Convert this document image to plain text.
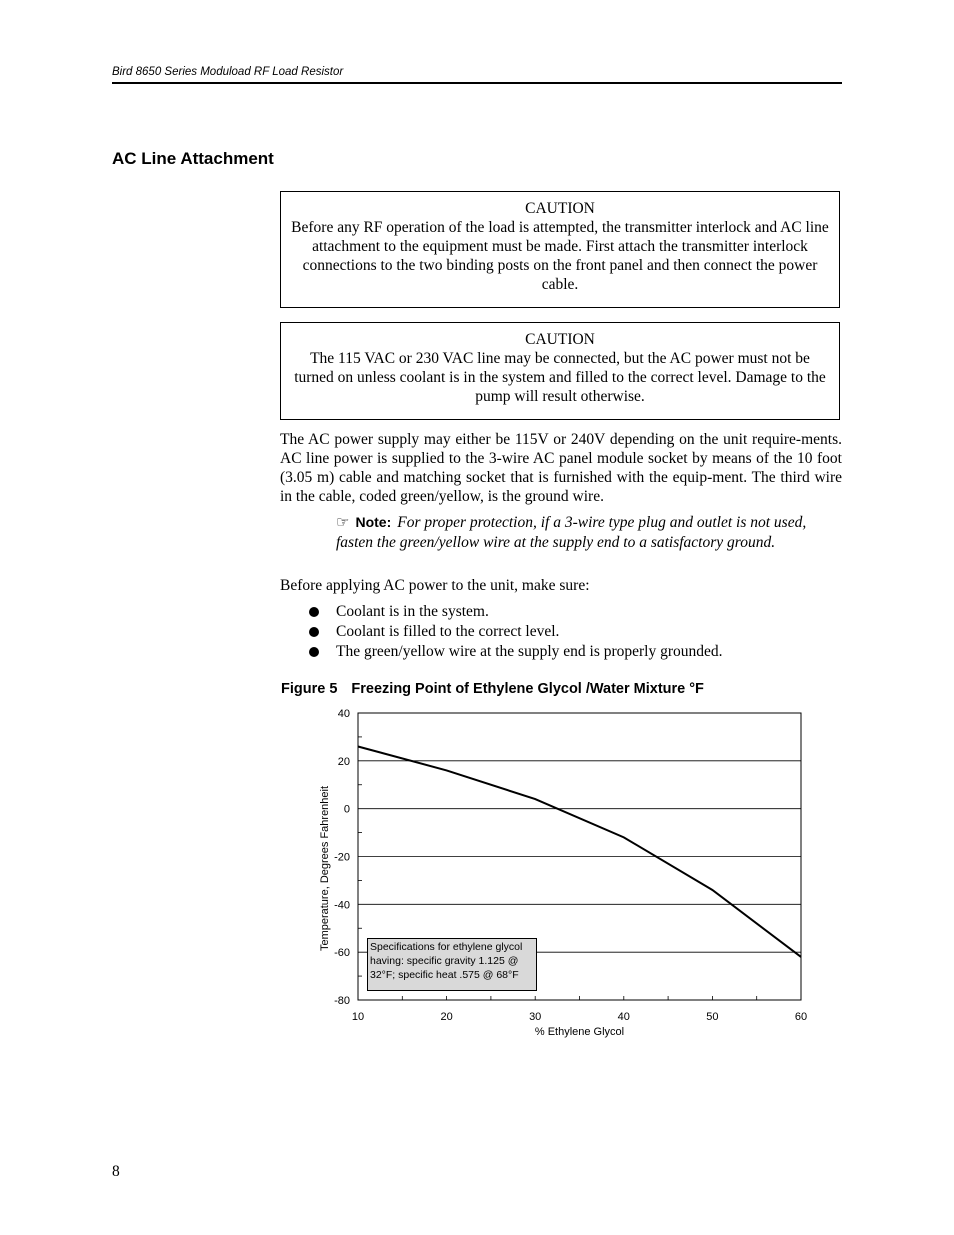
Bird 8650 Series Moduload RF Load Resistor
AC Line Attachment
CAUTION
Before any RF operation of the load is attempted, the transmitter interlock and AC line attachment to the equipment must be made. First attach the transmitter interlock connections to the two binding posts on the front panel and then connect the power cable.
CAUTION
The 115 VAC or 230 VAC line may be connected, but the AC power must not be turned on unless coolant is in the system and filled to the correct level. Damage to the pump will result otherwise.

The AC power supply may either be 115V or 240V depending on the unit require-ments. AC line power is supplied to the 3-wire AC panel module socket by means of the 10 foot (3.05 m) cable and matching socket that is furnished with the equip-ment. The third wire in the cable, coded green/yellow, is the ground wire.

☞ Note: For proper protection, if a 3-wire type plug and outlet is not used, fasten the green/yellow wire at the supply end to a satisfactory ground.

Before applying AC power to the unit, make sure:

Coolant is in the system.
Coolant is filled to the correct level.
The green/yellow wire at the supply end is properly grounded.

Figure 5 Freezing Point of Ethylene Glycol /Water Mixture °F

40
20
0
-20
-40
-60
-80
10	20	30	40	50	60
% Ethylene Glycol
Temperature, Degrees Fahrenheit	Specifications for ethylene glycol having: specific gravity 1.125 @ 32°F; specific heat .575 @ 68°F
8
